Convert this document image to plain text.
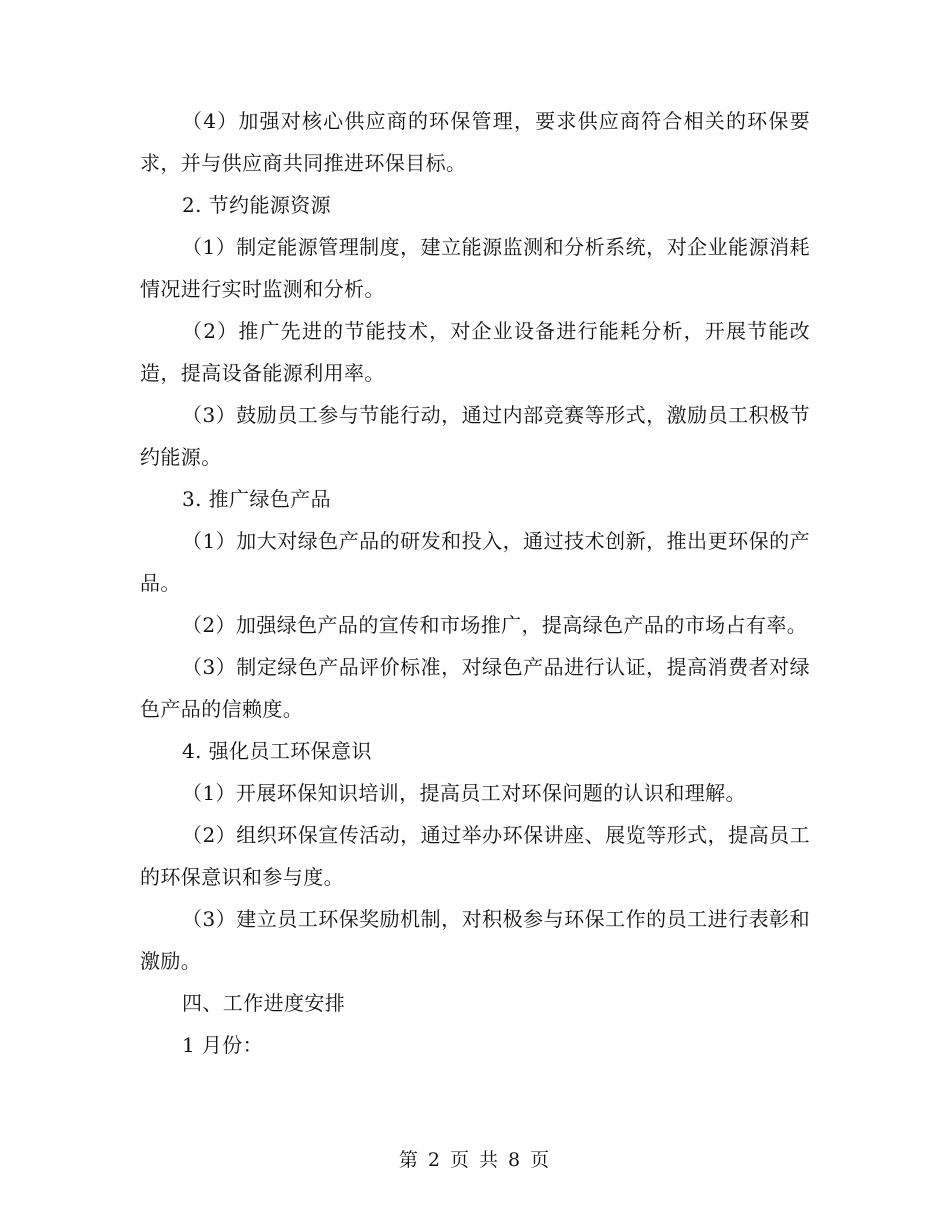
（4）加强对核心供应商的环保管理，要求供应商符合相关的环保要求，并与供应商共同推进环保目标。

2. 节约能源资源

（1）制定能源管理制度，建立能源监测和分析系统，对企业能源消耗情况进行实时监测和分析。

（2）推广先进的节能技术，对企业设备进行能耗分析，开展节能改造，提高设备能源利用率。

（3）鼓励员工参与节能行动，通过内部竞赛等形式，激励员工积极节约能源。

3. 推广绿色产品

（1）加大对绿色产品的研发和投入，通过技术创新，推出更环保的产品。

（2）加强绿色产品的宣传和市场推广，提高绿色产品的市场占有率。

（3）制定绿色产品评价标准，对绿色产品进行认证，提高消费者对绿色产品的信赖度。

4. 强化员工环保意识

（1）开展环保知识培训，提高员工对环保问题的认识和理解。

（2）组织环保宣传活动，通过举办环保讲座、展览等形式，提高员工的环保意识和参与度。

（3）建立员工环保奖励机制，对积极参与环保工作的员工进行表彰和激励。

四、工作进度安排

1 月份：

第 2 页 共 8 页
